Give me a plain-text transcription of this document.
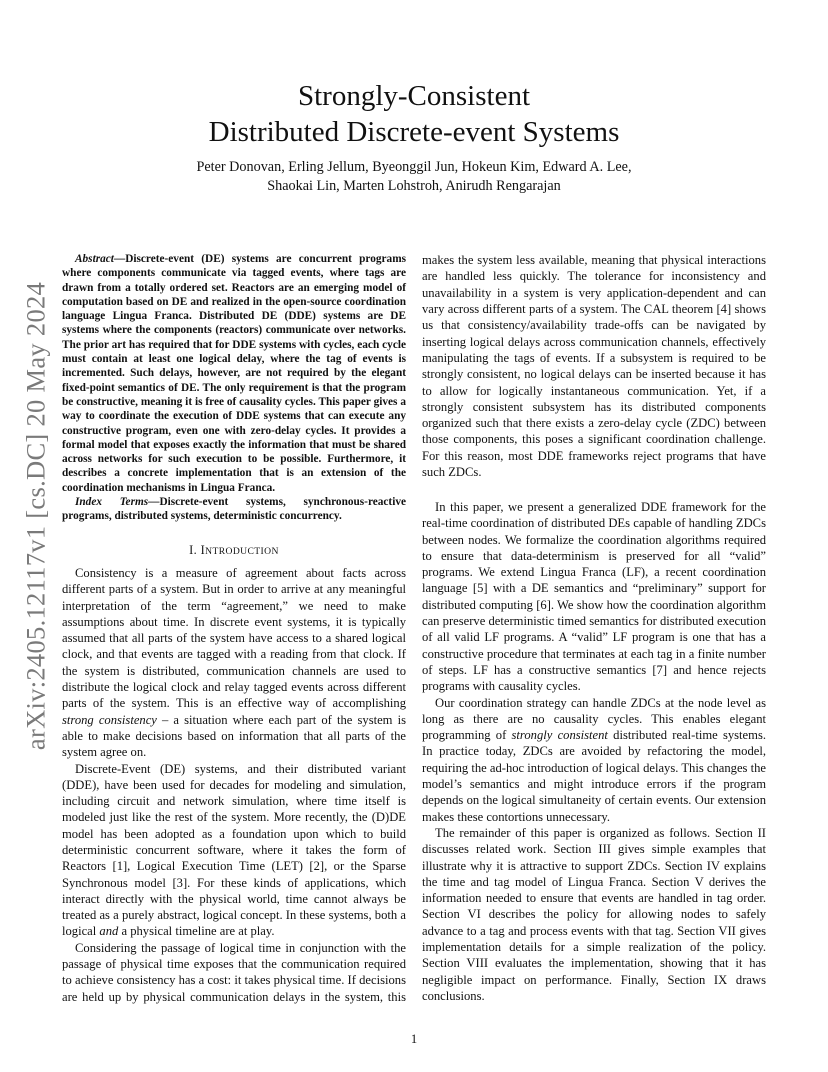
arXiv:2405.12117v1 [cs.DC] 20 May 2024
Strongly-Consistent
Distributed Discrete-event Systems
Peter Donovan, Erling Jellum, Byeonggil Jun, Hokeun Kim, Edward A. Lee,
Shaokai Lin, Marten Lohstroh, Anirudh Rengarajan

Abstract—Discrete-event (DE) systems are concurrent programs where components communicate via tagged events, where tags are drawn from a totally ordered set. Reactors are an emerging model of computation based on DE and realized in the open-source coordination language Lingua Franca. Distributed DE (DDE) systems are DE systems where the components (reactors) communicate over networks. The prior art has required that for DDE systems with cycles, each cycle must contain at least one logical delay, where the tag of events is incremented. Such delays, however, are not required by the elegant fixed-point semantics of DE. The only requirement is that the program be constructive, meaning it is free of causality cycles. This paper gives a way to coordinate the execution of DDE systems that can execute any constructive program, even one with zero-delay cycles. It provides a formal model that exposes exactly the information that must be shared across networks for such execution to be possible. Furthermore, it describes a concrete implementation that is an extension of the coordination mechanisms in Lingua Franca.

Index Terms—Discrete-event systems, synchronous-reactive programs, distributed systems, deterministic concurrency.

I. INTRODUCTION

Consistency is a measure of agreement about facts across different parts of a system. But in order to arrive at any meaningful interpretation of the term “agreement,” we need to make assumptions about time. In discrete event systems, it is typically assumed that all parts of the system have access to a shared logical clock, and that events are tagged with a reading from that clock. If the system is distributed, communication channels are used to distribute the logical clock and relay tagged events across different parts of the system. This is an effective way of accomplishing strong consistency – a situation where each part of the system is able to make decisions based on information that all parts of the system agree on.

Discrete-Event (DE) systems, and their distributed variant (DDE), have been used for decades for modeling and simulation, including circuit and network simulation, where time itself is modeled just like the rest of the system. More recently, the (D)DE model has been adopted as a foundation upon which to build deterministic concurrent software, where it takes the form of Reactors [1], Logical Execution Time (LET) [2], or the Sparse Synchronous model [3]. For these kinds of applications, which interact directly with the physical world, time cannot always be treated as a purely abstract, logical concept. In these systems, both a logical and a physical timeline are at play.

Considering the passage of logical time in conjunction with the passage of physical time exposes that the communication required to achieve consistency has a cost: it takes physical time. If decisions are held up by physical communication delays in the system, this

makes the system less available, meaning that physical interactions are handled less quickly. The tolerance for inconsistency and unavailability in a system is very application-dependent and can vary across different parts of a system. The CAL theorem [4] shows us that consistency/availability trade-offs can be navigated by inserting logical delays across communication channels, effectively manipulating the tags of events. If a subsystem is required to be strongly consistent, no logical delays can be inserted because it has to allow for logically instantaneous communication. Yet, if a strongly consistent subsystem has its distributed components organized such that there exists a zero-delay cycle (ZDC) between those components, this poses a significant coordination challenge. For this reason, most DDE frameworks reject programs that have such ZDCs.

In this paper, we present a generalized DDE framework for the real-time coordination of distributed DEs capable of handling ZDCs between nodes. We formalize the coordination algorithms required to ensure that data-determinism is preserved for all “valid” programs. We extend Lingua Franca (LF), a recent coordination language [5] with a DE semantics and “preliminary” support for distributed computing [6]. We show how the coordination algorithm can preserve deterministic timed semantics for distributed execution of all valid LF programs. A “valid” LF program is one that has a constructive procedure that terminates at each tag in a finite number of steps. LF has a constructive semantics [7] and hence rejects programs with causality cycles.

Our coordination strategy can handle ZDCs at the node level as long as there are no causality cycles. This enables elegant programming of strongly consistent distributed real-time systems. In practice today, ZDCs are avoided by refactoring the model, requiring the ad-hoc introduction of logical delays. This changes the model’s semantics and might introduce errors if the program depends on the logical simultaneity of certain events. Our extension makes these contortions unnecessary.

The remainder of this paper is organized as follows. Section II discusses related work. Section III gives simple examples that illustrate why it is attractive to support ZDCs. Section IV explains the time and tag model of Lingua Franca. Section V derives the information needed to ensure that events are handled in tag order. Section VI describes the policy for allowing nodes to safely advance to a tag and process events with that tag. Section VII gives implementation details for a simple realization of the policy. Section VIII evaluates the implementation, showing that it has negligible impact on performance. Finally, Section IX draws conclusions.

1
